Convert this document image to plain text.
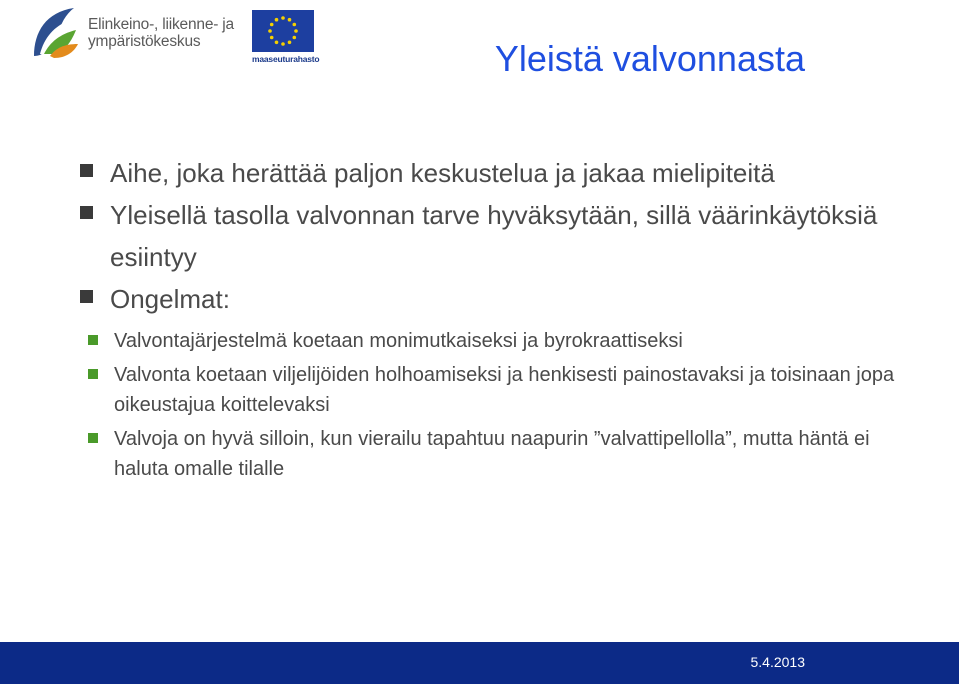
Elinkeino-, liikenne- ja
ympäristökeskus
maaseuturahasto	Yleistä valvonnasta

Aihe, joka herättää paljon keskustelua ja jakaa mielipiteitä

Yleisellä tasolla valvonnan tarve hyväksytään, sillä väärinkäytöksiä esiintyy

Ongelmat:

Valvontajärjestelmä koetaan monimutkaiseksi ja byrokraattiseksi

Valvonta koetaan viljelijöiden holhoamiseksi ja henkisesti painostavaksi ja toisinaan jopa oikeustajua koittelevaksi

Valvoja on hyvä silloin, kun vierailu tapahtuu naapurin ”valvattipellolla”, mutta häntä ei haluta omalle tilalle

5.4.2013
